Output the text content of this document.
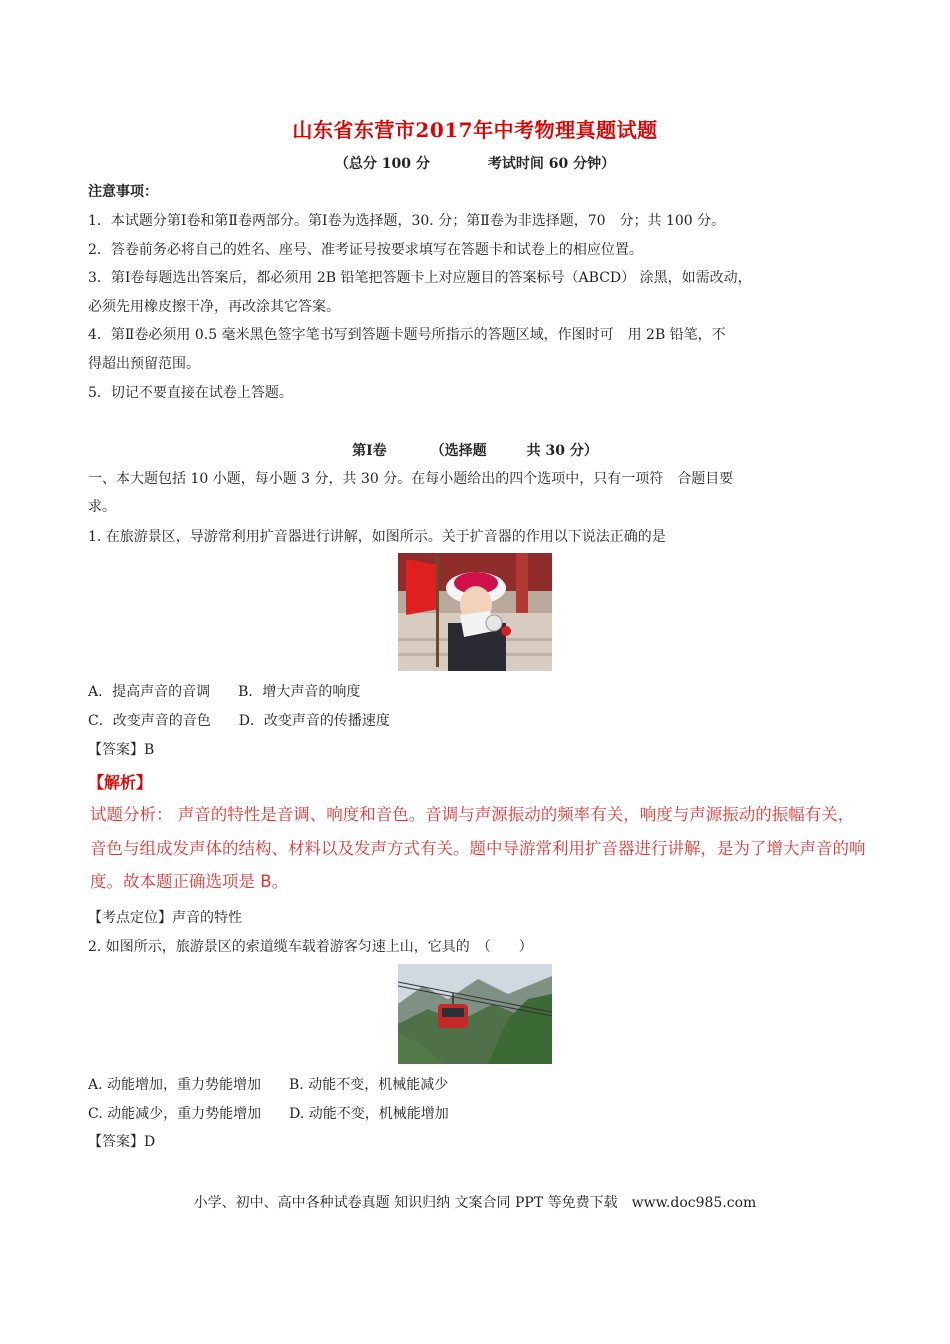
山东省东营市2017年中考物理真题试题
（总分 100 分	考试时间 60 分钟）
注意事项：
1．本试题分第Ⅰ卷和第Ⅱ卷两部分。第Ⅰ卷为选择题，30. 分；第Ⅱ卷为非选择题，70　分；共 100 分。
2．答卷前务必将自己的姓名、座号、准考证号按要求填写在答题卡和试卷上的相应位置。
3．第Ⅰ卷每题选出答案后，都必须用 2B 铅笔把答题卡上对应题目的答案标号（ABCD） 涂黑，如需改动，
必须先用橡皮擦干净，再改涂其它答案。
4．第Ⅱ卷必须用 0.5 毫米黑色签字笔书写到答题卡题号所指示的答题区域，作图时可　用 2B 铅笔，不
得超出预留范围。
5．切记不要直接在试卷上答题。
第Ⅰ卷	（选择题	共 30 分）
一、本大题包括 10 小题，每小题 3 分，共 30 分。在每小题给出的四个选项中，只有一项符　合题目要
求。
1. 在旅游景区，导游常利用扩音器进行讲解，如图所示。关于扩音器的作用以下说法正确的是
A．提高声音的音调　　B．增大声音的响度
C．改变声音的音色　　D．改变声音的传播速度
【答案】B
【解析】
试题分析： 声音的特性是音调、响度和音色。音调与声源振动的频率有关，响度与声源振动的振幅有关，
音色与组成发声体的结构、材料以及发声方式有关。题中导游常利用扩音器进行讲解，是为了增大声音的响
度。故本题正确选项是 B。
【考点定位】声音的特性
2. 如图所示，旅游景区的索道缆车载着游客匀速上山，它具的　（　　）
A. 动能增加，重力势能增加　　B. 动能不变，机械能减少
C. 动能减少，重力势能增加　　D. 动能不变，机械能增加
【答案】D
小学、初中、高中各种试卷真题 知识归纳 文案合同 PPT 等免费下载　www.doc985.com
